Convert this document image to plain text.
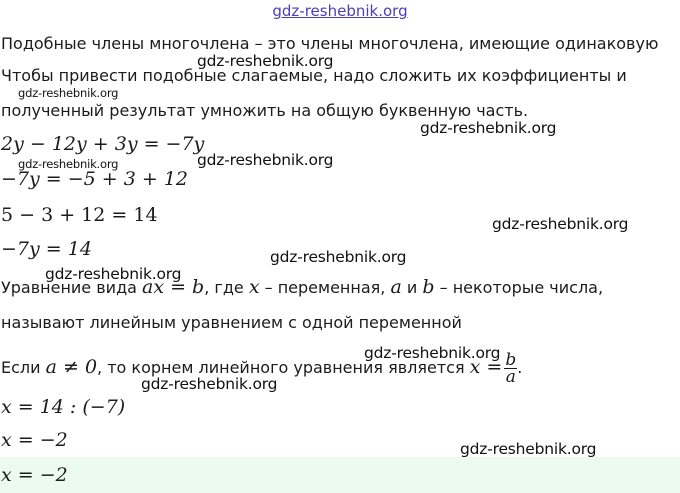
gdz-reshebnik.org
Подобные члены многочлена – это члены многочлена, имеющие одинаковую
Чтобы привести подобные слагаемые, надо сложить их коэффициенты и
полученный результат умножить на общую буквенную часть.
2y − 12y + 3y = −7y
−7y = −5 + 3 + 12
5 − 3 + 12 = 14
−7y = 14
Уравнение вида ax = b, где x – переменная, a и b – некоторые числа,
называют линейным уравнением с одной переменной
Если a ≠ 0, то корнем линейного уравнения является $x = \frac{b}{a}$ .
x = 14 : (−7)
x = −2
x = −2
gdz-reshebnik.org
gdz-reshebnik.org
gdz-reshebnik.org
gdz-reshebnik.org	gdz-reshebnik.org
gdz-reshebnik.org
gdz-reshebnik.org
gdz-reshebnik.org
gdz-reshebnik.org
gdz-reshebnik.org
gdz-reshebnik.org
